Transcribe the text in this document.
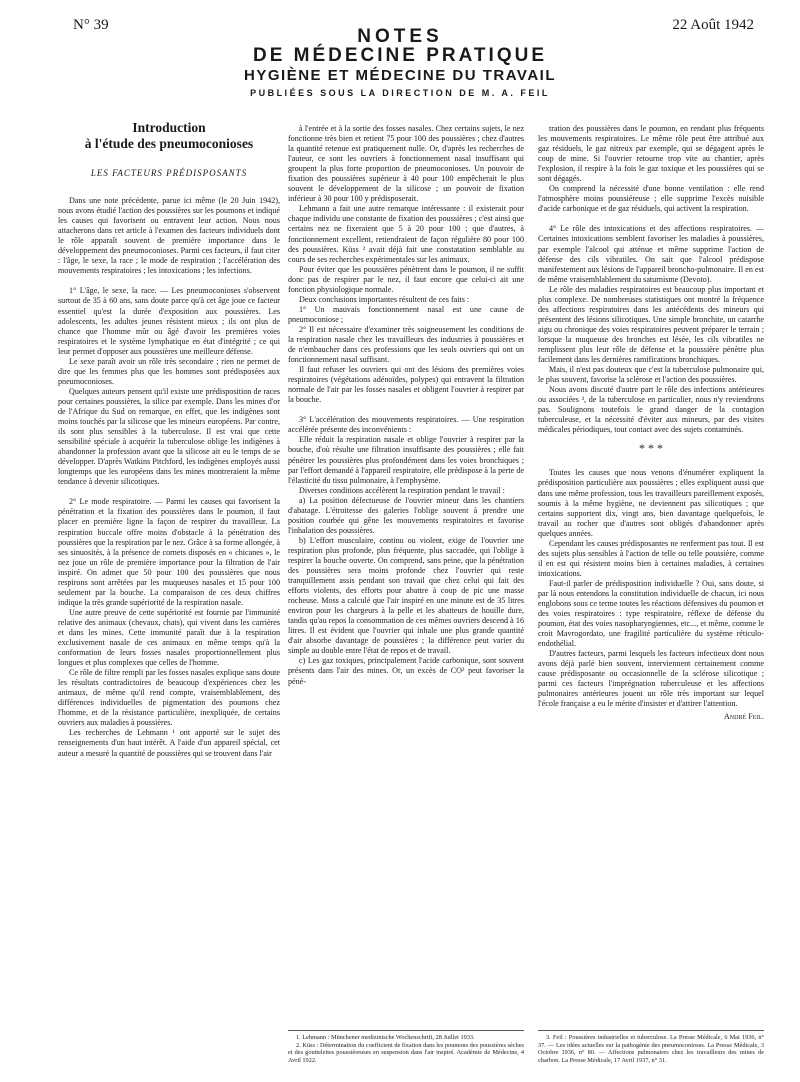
N° 39	22 Août 1942
NOTES
DE MÉDECINE PRATIQUE
HYGIÈNE ET MÉDECINE DU TRAVAIL
PUBLIÉES SOUS LA DIRECTION DE M. A. FEIL
Introduction
à l'étude des pneumoconioses
LES FACTEURS PRÉDISPOSANTS

Dans une note précédente, parue ici même (le 20 Juin 1942), nous avons étudié l'action des poussières sur les poumons et indiqué les causes qui favorisent ou entravent leur action. Nous nous attacherons dans cet article à l'examen des facteurs individuels dont le rôle apparaît souvent de première importance dans le développement des pneumoconioses. Parmi ces facteurs, il faut citer : l'âge, le sexe, la race ; le mode de respiration ; l'accélération des mouvements respiratoires ; les intoxications ; les infections.

1° L'âge, le sexe, la race. — Les pneumoconioses s'observent surtout de 35 à 60 ans, sans doute parce qu'à cet âge joue ce facteur essentiel qu'est la durée d'exposition aux poussières. Les adolescents, les adultes jeunes résistent mieux ; ils ont plus de chance que l'homme mûr ou âgé d'avoir les premières voies respiratoires et le système lymphatique en état d'intégrité ; ce qui leur permet d'opposer aux poussières une meilleure défense.

Le sexe paraît avoir un rôle très secondaire ; rien ne permet de dire que les femmes plus que les hommes sont prédisposées aux pneumoconioses.

Quelques auteurs pensent qu'il existe une prédisposition de races pour certaines poussières, la silice par exemple. Dans les mines d'or de l'Afrique du Sud on remarque, en effet, que les indigènes sont moins touchés par la silicose que les mineurs européens. Par contre, ils sont plus sensibles à la tuberculose. Il est vrai que cette sensibilité spéciale à acquérir la tuberculose oblige les indigènes à abandonner la profession avant que la silicose ait eu le temps de se développer. D'après Watkins Pitchford, les indigènes employés aussi longtemps que les européens dans les mines montreraient la même tendance à devenir silicotiques.

2° Le mode respiratoire. — Parmi les causes qui favorisent la pénétration et la fixation des poussières dans le poumon, il faut placer en première ligne la façon de respirer du travailleur. La respiration buccale offre moins d'obstacle à la pénétration des poussières que la respiration par le nez. Grâce à sa forme allongée, à ses sinuosités, à la présence de cornets disposés en « chicanes », le nez joue un rôle de première importance pour la filtration de l'air inspiré. On admet que 50 pour 100 des poussières que nous respirons sont arrêtées par les muqueuses nasales et 15 pour 100 seulement par la bouche. La comparaison de ces deux chiffres indique la très grande supériorité de la respiration nasale.

Une autre preuve de cette supériorité est fournie par l'immunité relative des animaux (chevaux, chats), qui vivent dans les carrières et dans les mines. Cette immunité paraît due à la respiration exclusivement nasale de ces animaux en même temps qu'à la conformation de leurs fosses nasales proportionnellement plus longues et plus complexes que celles de l'homme.

Ce rôle de filtre rempli par les fosses nasales explique sans doute les résultats contradictoires de beaucoup d'expériences chez les animaux, de même qu'il rend compte, vraisemblablement, des différences individuelles de pigmentation des poumons chez l'homme, et de la résistance particulière, inexpliquée, de certains ouvriers aux maladies à poussières.

Les recherches de Lehmann ¹ ont apporté sur le sujet des renseignements d'un haut intérêt. A l'aide d'un appareil spécial, cet auteur a mesuré la quantité de poussières qui se trouvent dans l'air

à l'entrée et à la sortie des fosses nasales. Chez certains sujets, le nez fonctionne très bien et retient 75 pour 100 des poussières ; chez d'autres la quantité retenue est pratiquement nulle. Or, d'après les recherches de l'auteur, ce sont les ouvriers à fonctionnement nasal insuffisant qui groupent la plus forte proportion de pneumoconioses. Un pouvoir de fixation des poussières supérieur à 40 pour 100 empêcherait le plus souvent le développement de la silicose ; un pouvoir de fixation inférieur à 30 pour 100 y prédisposerait.

Lehmann a fait une autre remarque intéressante : il existerait pour chaque individu une constante de fixation des poussières ; c'est ainsi que certains nez ne fixeraient que 5 à 20 pour 100 ; que d'autres, à fonctionnement excellent, retiendraient de façon régulière 80 pour 100 des poussières. Küss ² avait déjà fait une constatation semblable au cours de ses recherches expérimentales sur les animaux.

Pour éviter que les poussières pénètrent dans le poumon, il ne suffit donc pas de respirer par le nez, il faut encore que celui-ci ait une fonction physiologique normale.

Deux conclusions importantes résultent de ces faits :

1° Un mauvais fonctionnement nasal est une cause de pneumoconiose ;

2° Il est nécessaire d'examiner très soigneusement les conditions de la respiration nasale chez les travailleurs des industries à poussières et de n'embaucher dans ces professions que les seuls ouvriers qui ont un fonctionnement nasal suffisant.

Il faut refuser les ouvriers qui ont des lésions des premières voies respiratoires (végétations adénoïdes, polypes) qui entravent la filtration normale de l'air par les fosses nasales et obligent l'ouvrier à respirer par la bouche.

3° L'accélération des mouvements respiratoires. — Une respiration accélérée présente des inconvénients :

Elle réduit la respiration nasale et oblige l'ouvrier à respirer par la bouche, d'où résulte une filtration insuffisante des poussières ; elle fait pénétrer les poussières plus profondément dans les voies bronchiques ; par l'effort demandé à l'appareil respiratoire, elle prédispose à la perte de l'élasticité du tissu pulmonaire, à l'emphysème.

Diverses conditions accélèrent la respiration pendant le travail :

a) La position défectueuse de l'ouvrier mineur dans les chantiers d'abatage. L'étroitesse des galeries l'oblige souvent à prendre une position courbée qui gêne les mouvements respiratoires et favorise l'inhalation des poussières.

b) L'effort musculaire, continu ou violent, exige de l'ouvrier une respiration plus profonde, plus fréquente, plus saccadée, qui l'oblige à respirer la bouche ouverte. On comprend, sans peine, que la pénétration des poussières sera moins profonde chez l'ouvrier qui reste tranquillement assis pendant son travail que chez celui qui fait des efforts violents, des efforts pour abattre à coup de pic une masse rocheuse. Moss a calculé que l'air inspiré en une minute est de 35 litres environ pour les chargeurs à la pelle et les abatteurs de houille dure, tandis qu'au repos la consommation de ces mêmes ouvriers descend à 16 litres. Il est évident que l'ouvrier qui inhale une plus grande quantité d'air absorbe davantage de poussières ; la différence peut varier du simple au double entre l'état de repos et de travail.

c) Les gaz toxiques, principalement l'acide carbonique, sont souvent présents dans l'air des mines. Or, un excès de CO² peut favoriser la péné-

tration des poussières dans le poumon, en rendant plus fréquents les mouvements respiratoires. Le même rôle peut être attribué aux gaz résiduels, le gaz nitreux par exemple, qui se dégagent après le coup de mine. Si l'ouvrier retourne trop vite au chantier, après l'explosion, il respire à la fois le gaz toxique et les poussières qui se sont dégagés.

On comprend la nécessité d'une bonne ventilation : elle rend l'atmosphère moins poussiéreuse ; elle supprime l'excès nuisible d'acide carbonique et de gaz résiduels, qui activent la respiration.

4° Le rôle des intoxications et des affections respiratoires. — Certaines intoxications semblent favoriser les maladies à poussières, par exemple l'alcool qui atténue et même supprime l'action de défense des cils vibratiles. On sait que l'alcool prédispose manifestement aux lésions de l'appareil broncho-pulmonaire. Il en est de même vraisemblablement du saturnisme (Devoto).

Le rôle des maladies respiratoires est beaucoup plus important et plus complexe. De nombreuses statistiques ont montré la fréquence des affections respiratoires dans les antécédents des mineurs qui présentent des lésions silicotiques. Une simple bronchite, un catarrhe aigu ou chronique des voies respiratoires peuvent préparer le terrain ; lorsque la muqueuse des bronches est lésée, les cils vibratiles ne remplissent plus leur rôle de défense et la poussière pénètre plus facilement dans les dernières ramifications bronchiques.

Mais, il n'est pas douteux que c'est la tuberculose pulmonaire qui, le plus souvent, favorise la sclérose et l'action des poussières.

Nous avons discuté d'autre part le rôle des infections antérieures ou associées ³, de la tuberculose en particulier, nous n'y reviendrons pas. Soulignons toutefois le grand danger de la contagion tuberculeuse, et la nécessité d'éviter aux mineurs, par des visites médicales périodiques, tout contact avec des sujets contaminés.

* * *

Toutes les causes que nous venons d'énumérer expliquent la prédisposition particulière aux poussières ; elles expliquent aussi que dans une même profession, tous les travailleurs pareillement exposés, soumis à la même hygiène, ne deviennent pas silicotiques ; que certains supportent dix, vingt ans, bien davantage quelquefois, le travail au rocher que d'autres sont obligés d'abandonner après quelques années.

Cependant les causes prédisposantes ne renferment pas tout. Il est des sujets plus sensibles à l'action de telle ou telle poussière, comme il en est qui résistent moins bien à certaines maladies, à certaines intoxications.

Faut-il parler de prédisposition individuelle ? Oui, sans doute, si par là nous entendons la constitution individuelle de chacun, ici nous englobons sous ce terme toutes les réactions défensives du poumon et des voies respiratoires : type respiratoire, réflexe de défense du poumon, état des voies nasopharyngiennes, etc..., et même, comme le croit Mavrogordato, une fragilité particulière du système réticulo-endothélial.

D'autres facteurs, parmi lesquels les facteurs infectieux dont nous avons déjà parlé bien souvent, interviennent certainement comme cause prédisposante ou occasionnelle de la sclérose silicotique ; parmi ces facteurs l'imprégnation tuberculeuse et les affections pulmonaires antérieures jouent un rôle très important sur lequel l'école française a eu le mérite d'insister et d'attirer l'attention.

André Feil.

1. Lehmann : Münchener medizinische Wochenschrift, 28 Juillet 1933.

2. Küss : Détermination du coefficient de fixation dans les poumons des poussières sèches et des gouttelettes poussiéreuses en suspension dans l'air inspiré. Académie de Médecine, 4 Avril 1922.

3. Feil : Poussières industrielles et tuberculose. La Presse Médicale, 6 Mai 1936, n° 37. — Les idées actuelles sur la pathogénie des pneumoconioses. La Presse Médicale, 3 Octobre 1936, n° 80. — Affections pulmonaires chez les travailleurs des mines de charbon. La Presse Médicale, 17 Avril 1937, n° 31.
